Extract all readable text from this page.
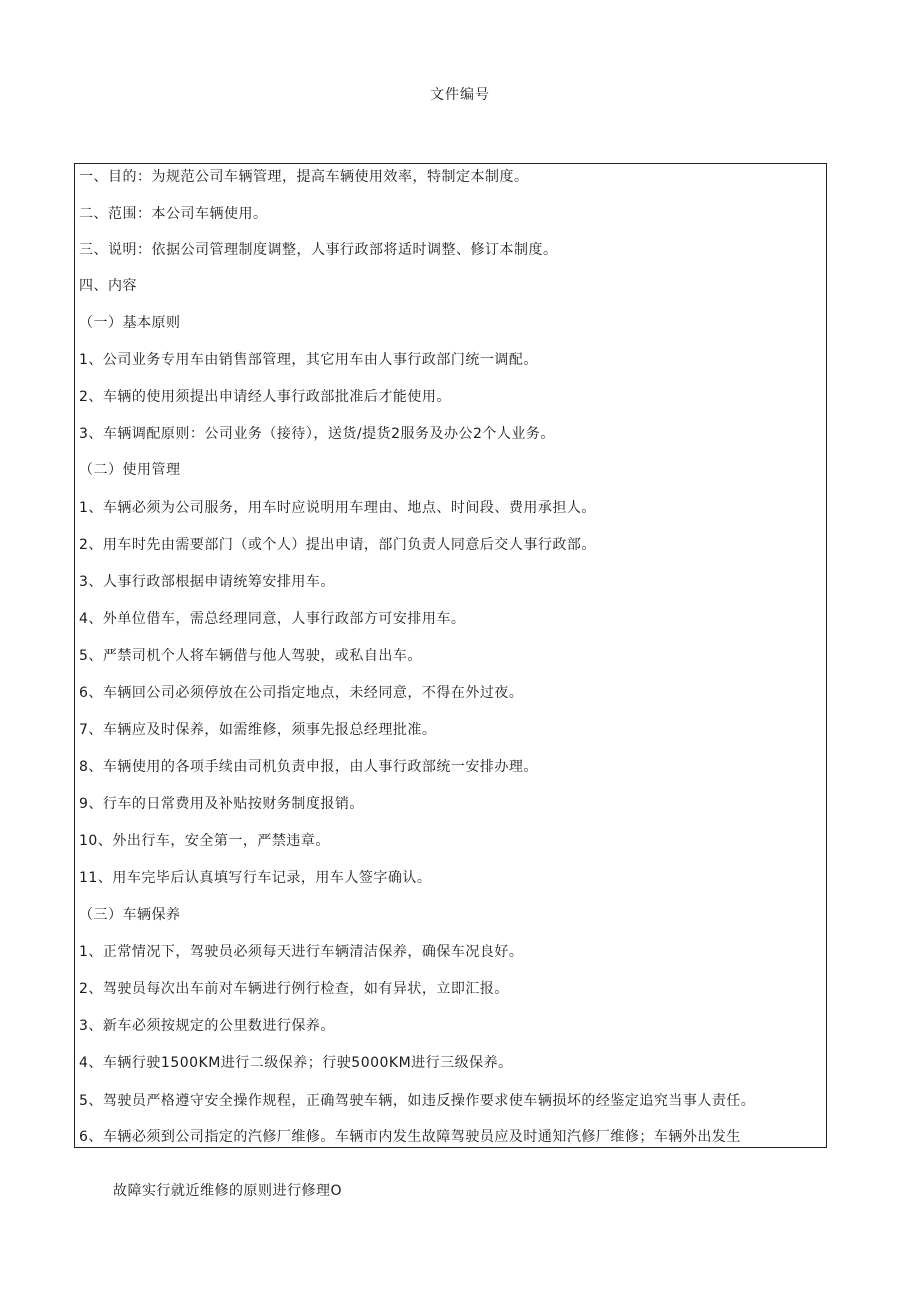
文件编号
一、目的：为规范公司车辆管理，提高车辆使用效率，特制定本制度。
二、范围：本公司车辆使用。
三、说明：依据公司管理制度调整，人事行政部将适时调整、修订本制度。
四、内容
（一）基本原则
1、公司业务专用车由销售部管理，其它用车由人事行政部门统一调配。
2、车辆的使用须提出申请经人事行政部批准后才能使用。
3、车辆调配原则：公司业务（接待），送货/提货2服务及办公2个人业务。
（二）使用管理
1、车辆必须为公司服务，用车时应说明用车理由、地点、时间段、费用承担人。
2、用车时先由需要部门（或个人）提出申请，部门负责人同意后交人事行政部。
3、人事行政部根据申请统筹安排用车。
4、外单位借车，需总经理同意，人事行政部方可安排用车。
5、严禁司机个人将车辆借与他人驾驶，或私自出车。
6、车辆回公司必须停放在公司指定地点，未经同意，不得在外过夜。
7、车辆应及时保养，如需维修，须事先报总经理批准。
8、车辆使用的各项手续由司机负责申报，由人事行政部统一安排办理。
9、行车的日常费用及补贴按财务制度报销。
10、外出行车，安全第一，严禁违章。
11、用车完毕后认真填写行车记录，用车人签字确认。
（三）车辆保养
1、正常情况下，驾驶员必须每天进行车辆清洁保养，确保车况良好。
2、驾驶员每次出车前对车辆进行例行检查，如有异状，立即汇报。
3、新车必须按规定的公里数进行保养。
4、车辆行驶1500KM进行二级保养；行驶5000KM进行三级保养。
5、驾驶员严格遵守安全操作规程，正确驾驶车辆，如违反操作要求使车辆损坏的经鉴定追究当事人责任。
6、车辆必须到公司指定的汽修厂维修。车辆市内发生故障驾驶员应及时通知汽修厂维修；车辆外出发生
故障实行就近维修的原则进行修理O
